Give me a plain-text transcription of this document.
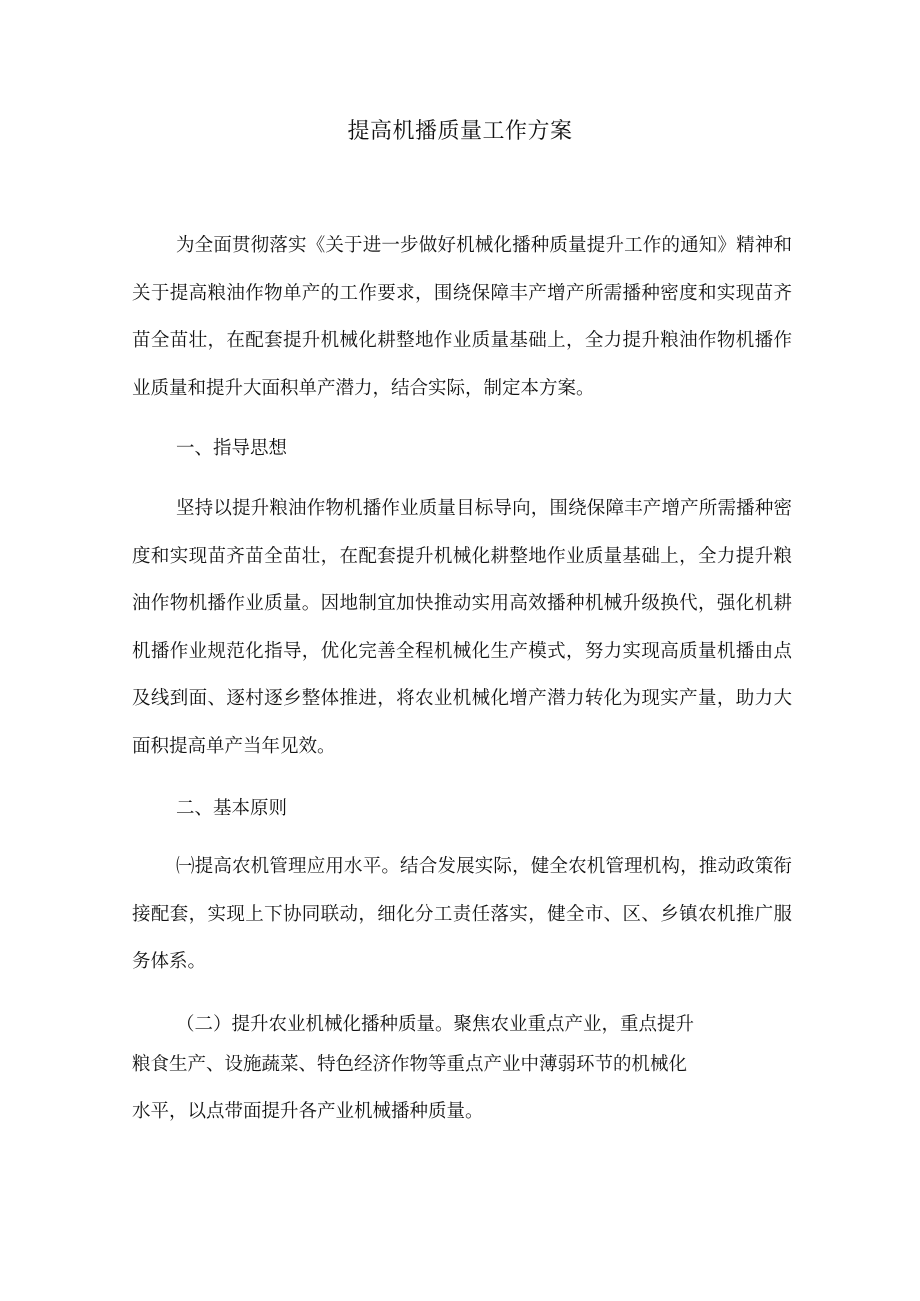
提高机播质量工作方案

为全面贯彻落实《关于进一步做好机械化播种质量提升工作的通知》精神和关于提高粮油作物单产的工作要求，围绕保障丰产增产所需播种密度和实现苗齐苗全苗壮，在配套提升机械化耕整地作业质量基础上，全力提升粮油作物机播作业质量和提升大面积单产潜力，结合实际，制定本方案。

一、指导思想

坚持以提升粮油作物机播作业质量目标导向，围绕保障丰产增产所需播种密度和实现苗齐苗全苗壮，在配套提升机械化耕整地作业质量基础上，全力提升粮油作物机播作业质量。因地制宜加快推动实用高效播种机械升级换代，强化机耕机播作业规范化指导，优化完善全程机械化生产模式，努力实现高质量机播由点及线到面、逐村逐乡整体推进，将农业机械化增产潜力转化为现实产量，助力大面积提高单产当年见效。

二、基本原则

㈠提高农机管理应用水平。结合发展实际，健全农机管理机构，推动政策衔接配套，实现上下协同联动，细化分工责任落实，健全市、区、乡镇农机推广服务体系。

（二）提升农业机械化播种质量。聚焦农业重点产业，重点提升

粮食生产、设施蔬菜、特色经济作物等重点产业中薄弱环节的机械化

水平，以点带面提升各产业机械播种质量。
